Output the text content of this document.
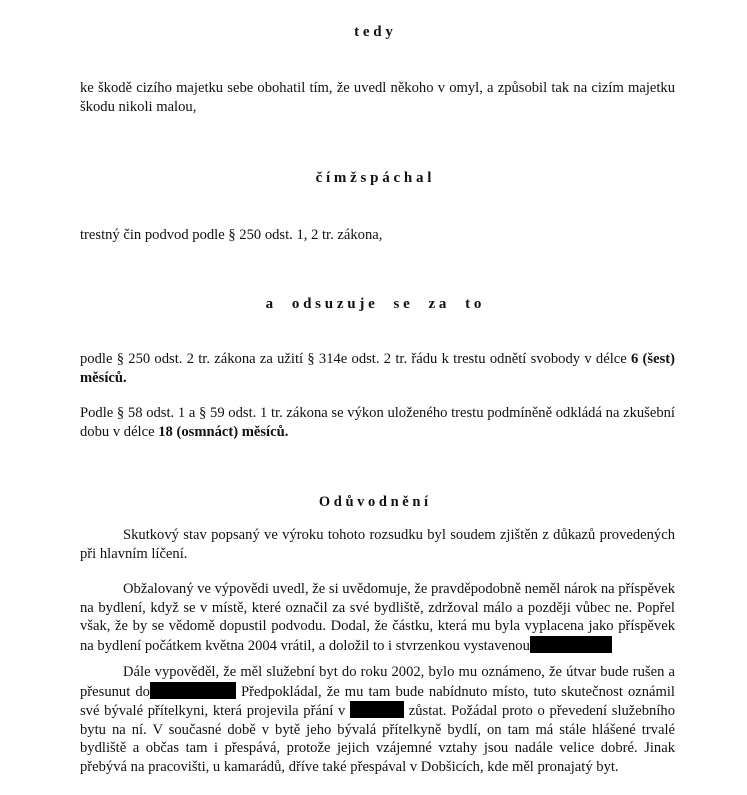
t e d y

ke škodě cizího majetku sebe obohatil tím, že uvedl někoho v omyl, a způsobil tak na cizím majetku škodu nikoli malou,

č í m ž s p á c h a l

trestný čin podvod podle § 250 odst. 1, 2 tr. zákona,

a     o d s u z u j e     s e     z a     t o

podle § 250 odst. 2 tr. zákona za užití § 314e odst. 2 tr. řádu k trestu odnětí svobody v délce 6 (šest) měsíců.

Podle § 58 odst. 1 a § 59 odst. 1 tr. zákona se výkon uloženého trestu podmíněně odkládá na zkušební dobu v délce 18 (osmnáct) měsíců.

O d ů v o d n ě n í

Skutkový stav popsaný ve výroku tohoto rozsudku byl soudem zjištěn z důkazů provedených při hlavním líčení.

Obžalovaný ve výpovědi uvedl, že si uvědomuje, že pravděpodobně neměl nárok na příspěvek na bydlení, když se v místě, které označil za své bydliště, zdržoval málo a později vůbec ne. Popřel však, že by se vědomě dopustil podvodu. Dodal, že částku, která mu byla vyplacena jako příspěvek na bydlení počátkem května 2004 vrátil, a doložil to i stvrzenkou vystavenou

Dále vypověděl, že měl služební byt do roku 2002, bylo mu oznámeno, že útvar bude rušen a přesunut do	Předpokládal, že mu tam bude nabídnuto místo, tuto skutečnost oznámil své bývalé přítelkyni, která projevila přání v	zůstat. Požádal proto o převedení služebního bytu na ní. V současné době v bytě jeho bývalá přítelkyně bydlí, on tam má stále hlášené trvalé bydliště a občas tam i přespává, protože jejich vzájemné vztahy jsou nadále velice dobré. Jinak přebývá na pracovišti, u kamarádů, dříve také přespával v Dobšicích, kde měl pronajatý byt.
